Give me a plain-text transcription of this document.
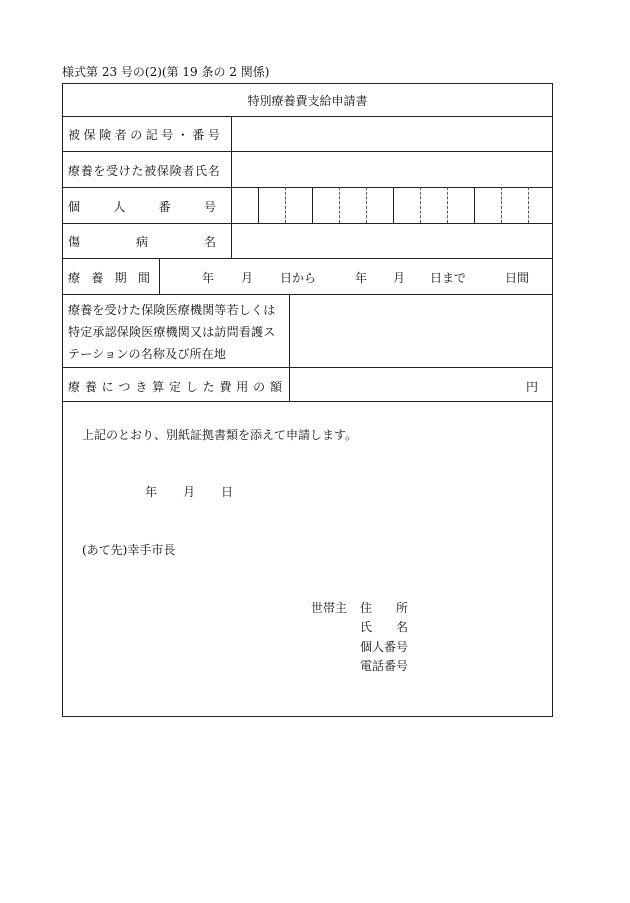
様式第 23 号の(2)(第 19 条の 2 関係)
特別療養費支給申請書
被 保 険 者 の 記 号 ・ 番 号
療養を受けた被保険者氏名
個	人	番	号
傷	病	名
療 養 期 間	年 月 日から	年 月 日まで	日間
療養を受けた保険医療機関等若しくは
特定承認保険医療機関又は訪問看護ス
テーションの名称及び所在地
療 養 に つ き 算 定 し た 費 用 の 額	円
上記のとおり、別紙証拠書類を添えて申請します。
年 月 日
(あて先)幸手市長
世帯主 住 所
氏 名
個 人 番 号
電 話 番 号
